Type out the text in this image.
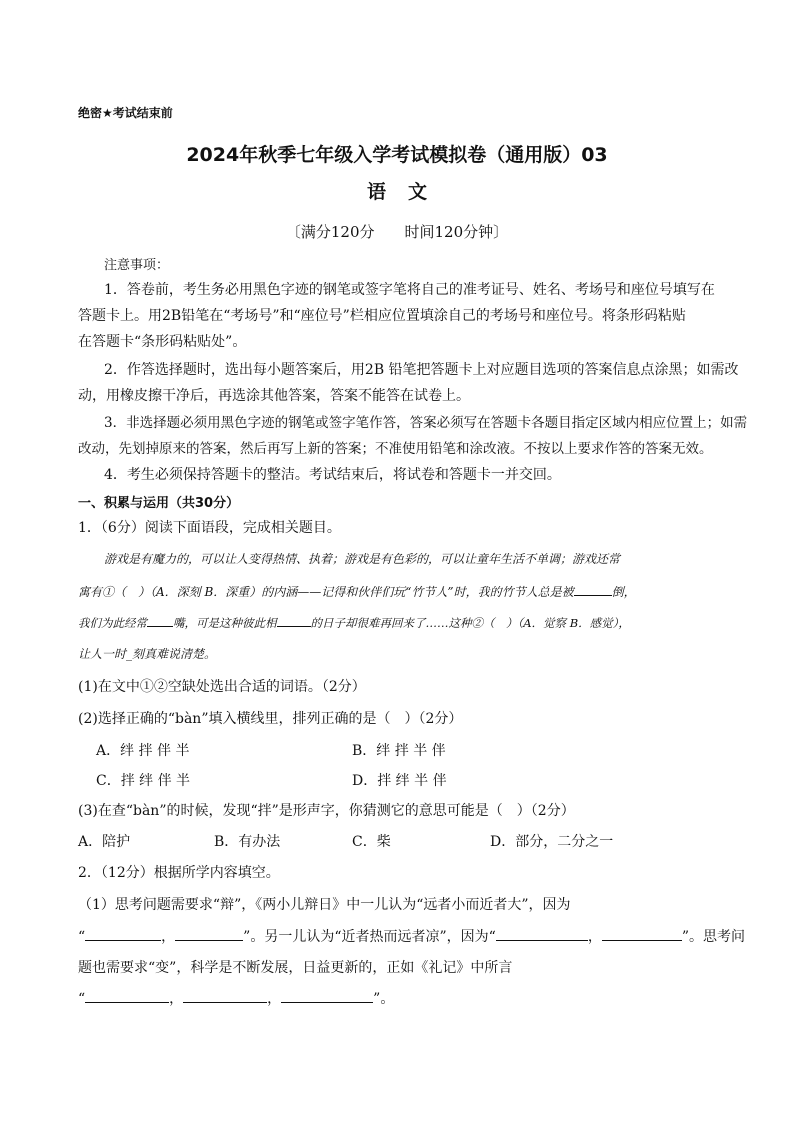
绝密★考试结束前
2024年秋季七年级入学考试模拟卷（通用版）03
语文
〔满分120分 时间120分钟〕
注意事项：
1．答卷前，考生务必用黑色字迹的钢笔或签字笔将自己的准考证号、姓名、考场号和座位号填写在
答题卡上。用2B铅笔在“考场号”和“座位号”栏相应位置填涂自己的考场号和座位号。将条形码粘贴
在答题卡“条形码粘贴处”。
2．作答选择题时，选出每小题答案后，用2B 铅笔把答题卡上对应题目选项的答案信息点涂黑；如需改
动，用橡皮擦干净后，再选涂其他答案，答案不能答在试卷上。
3．非选择题必须用黑色字迹的钢笔或签字笔作答，答案必须写在答题卡各题目指定区域内相应位置上；如需
改动，先划掉原来的答案，然后再写上新的答案；不准使用铅笔和涂改液。不按以上要求作答的答案无效。
4．考生必须保持答题卡的整洁。考试结束后，将试卷和答题卡一并交回。
一、积累与运用（共30分）
1．（6分）阅读下面语段，完成相关题目。
游戏是有魔力的，可以让人变得热情、执着；游戏是有色彩的，可以让童年生活不单调；游戏还常
寓有①（　）（A．深刻 B．深重）的内涵——记得和伙伴们玩“竹节人”时，我的竹节人总是被	倒，
我们为此经常 嘴，可是这种彼此相	的日子却很难再回来了……这种②（　）（A．觉察 B．感觉），
让人一时_刻真难说清楚。
(1)在文中①②空缺处选出合适的词语。（2分）
(2)选择正确的“bàn”填入横线里，排列正确的是（　）（2分）
A．绊 拌 伴 半	B．绊 拌 半 伴
C．拌 绊 伴 半	D．拌 绊 半 伴
(3)在查“bàn”的时候，发现“拌”是形声字，你猜测它的意思可能是（　）（2分）
A．陪护	B．有办法	C．柴	D．部分，二分之一
2．（12分）根据所学内容填空。
（1）思考问题需要求“辩”，《两小儿辩日》中一儿认为“远者小而近者大”，因为
“	，	”。另一儿认为“近者热而远者凉”，因为“	，	”。思考问
题也需要求“变”，科学是不断发展，日益更新的，正如《礼记》中所言
“	，	，	”。
